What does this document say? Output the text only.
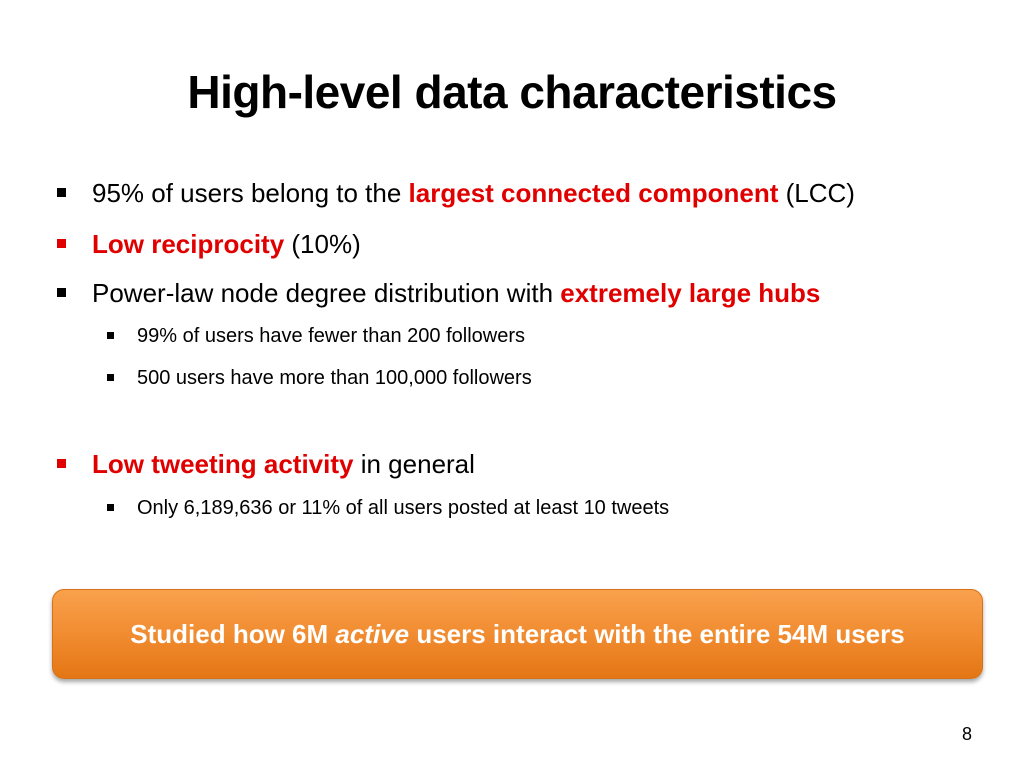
High-level data characteristics
95% of users belong to the largest connected component (LCC)
Low reciprocity (10%)
Power-law node degree distribution with extremely large hubs
99% of users have fewer than 200 followers
500 users have more than 100,000 followers
Low tweeting activity in general
Only 6,189,636 or 11% of all users posted at least 10 tweets
Studied how 6M active users interact with the entire 54M users
8
